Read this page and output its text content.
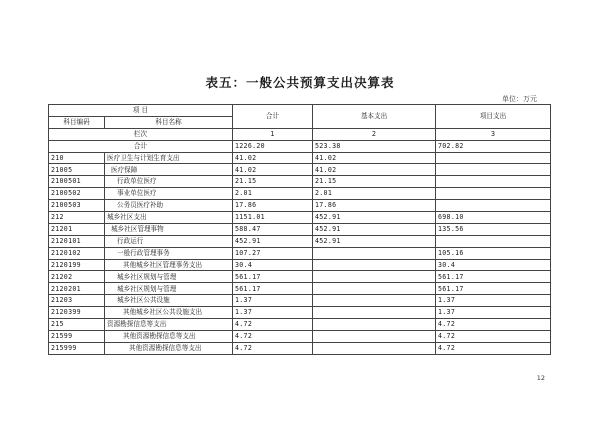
表五：一般公共预算支出决算表
单位：万元
项 目		合计	基本支出	项目支出
科目编码	科目名称			
栏次		1	2	3
合计		1226.20	523.38	702.82
210	医疗卫生与计划生育支出	41.02	41.02	
21005	医疗保障	41.02	41.02	
2100501	行政单位医疗	21.15	21.15	
2100502	事业单位医疗	2.01	2.01	
2100503	公务员医疗补助	17.86	17.86	
212	城乡社区支出	1151.01	452.91	698.10
21201	城乡社区管理事物	588.47	452.91	135.56
2120101	行政运行	452.91	452.91	
2120102	一般行政管理事务	107.27		105.16
2120199	其他城乡社区管理事务支出	30.4		30.4
21202	城乡社区规划与管理	561.17		561.17
2120201	城乡社区规划与管理	561.17		561.17
21203	城乡社区公共设施	1.37		1.37
2120399	其他城乡社区公共设施支出	1.37		1.37
215	资源勘探信息等支出	4.72		4.72
21599	其他资源勘探信息等支出	4.72		4.72
215999	其他资源勘探信息等支出	4.72		4.72
12
